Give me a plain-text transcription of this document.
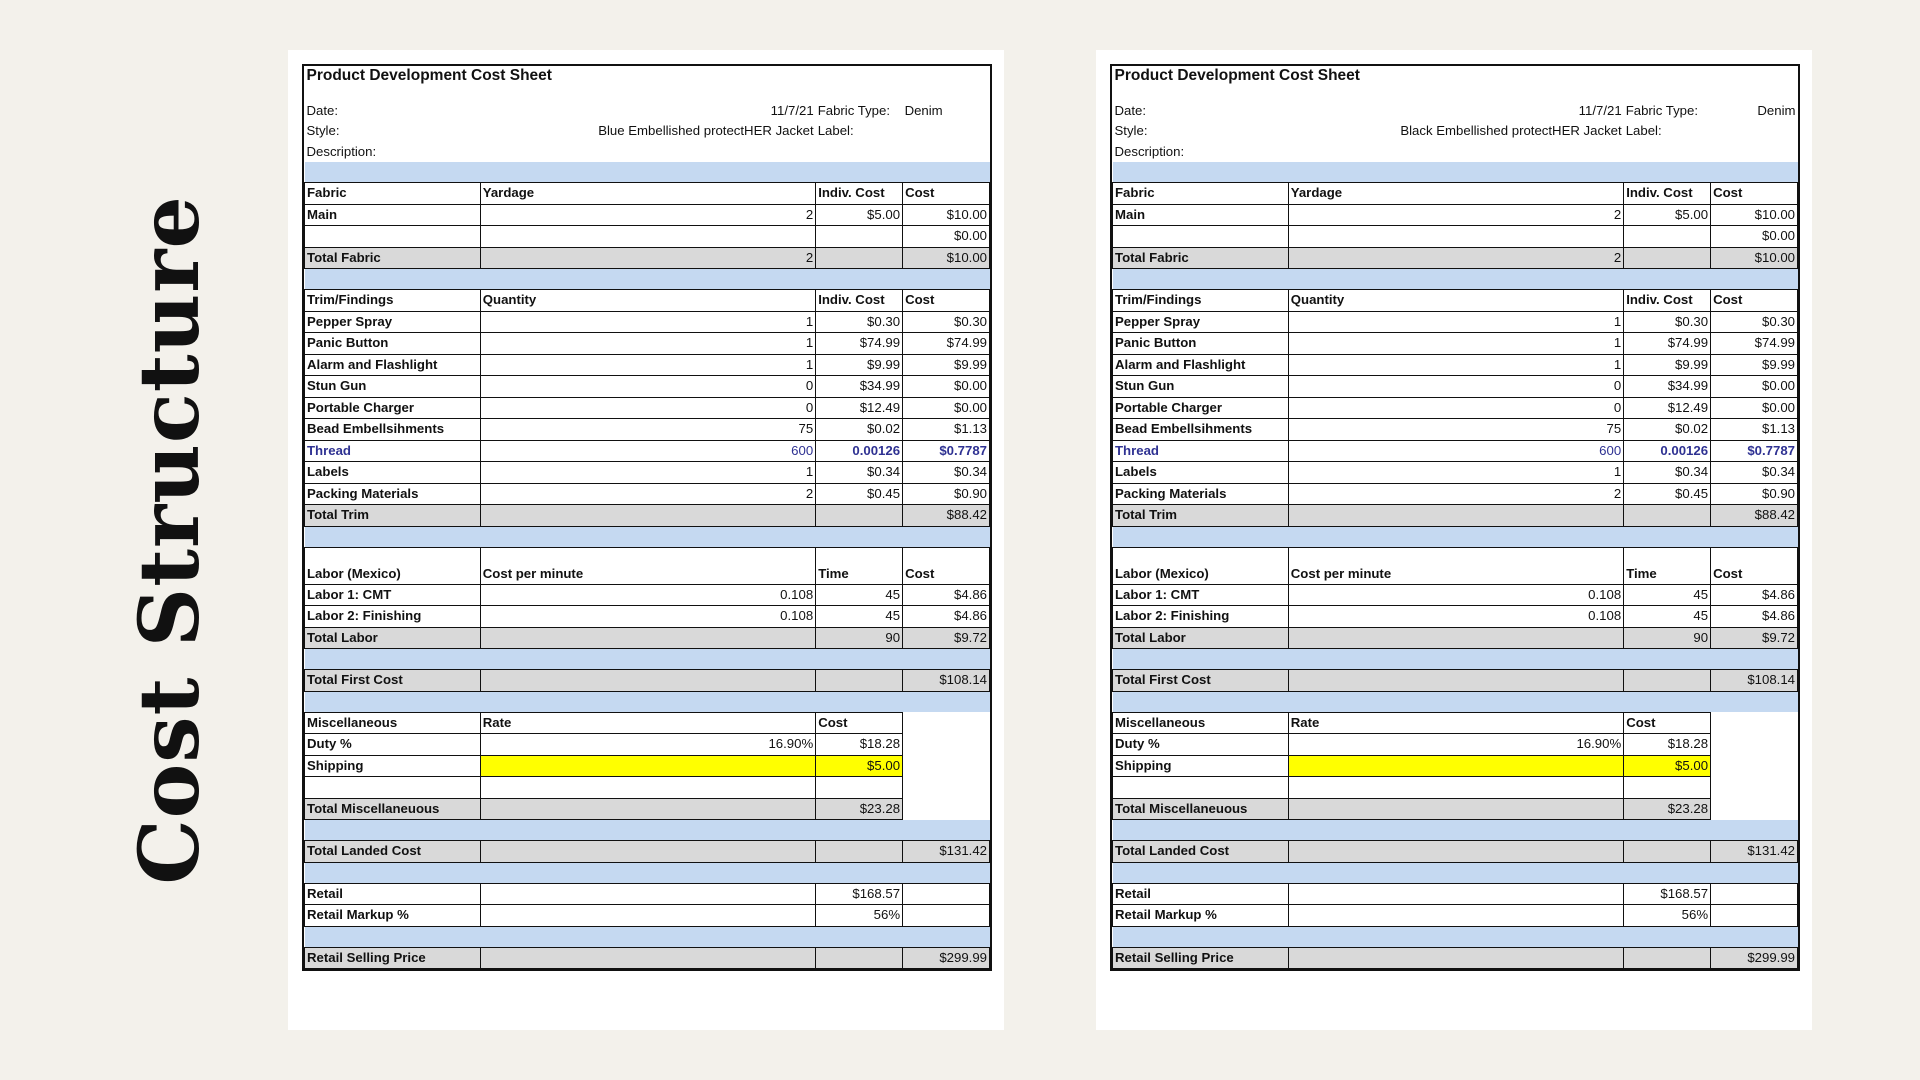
Cost Structure
Product Development Cost Sheet			

Date:	11/7/21	Fabric Type:	Denim
Style:	Blue Embellished protectHER Jacket	Label:	
Description:			

Fabric	Yardage	Indiv. Cost	Cost
Main	2	$5.00	$10.00
			$0.00
Total Fabric	2		$10.00

Trim/Findings	Quantity	Indiv. Cost	Cost
Pepper Spray	1	$0.30	$0.30
Panic Button	1	$74.99	$74.99
Alarm and Flashlight	1	$9.99	$9.99
Stun Gun	0	$34.99	$0.00
Portable Charger	0	$12.49	$0.00
Bead Embellsihments	75	$0.02	$1.13
Thread	600	0.00126	$0.7787
Labels	1	$0.34	$0.34
Packing Materials	2	$0.45	$0.90
Total Trim			$88.42

Labor (Mexico)	Cost per minute	Time	Cost
Labor 1: CMT	0.108	45	$4.86
Labor 2: Finishing	0.108	45	$4.86
Total Labor		90	$9.72

Total First Cost			$108.14

Miscellaneous	Rate	Cost	
Duty %	16.90%	$18.28	
Shipping		$5.00	

Total Miscellaneuous		$23.28	

Total Landed Cost			$131.42

Retail		$168.57	
Retail Markup %		56%	

Retail Selling Price			$299.99
Product Development Cost Sheet			

Date:	11/7/21	Fabric Type:	Denim
Style:	Black Embellished protectHER Jacket	Label:	
Description:			

Fabric	Yardage	Indiv. Cost	Cost
Main	2	$5.00	$10.00
			$0.00
Total Fabric	2		$10.00

Trim/Findings	Quantity	Indiv. Cost	Cost
Pepper Spray	1	$0.30	$0.30
Panic Button	1	$74.99	$74.99
Alarm and Flashlight	1	$9.99	$9.99
Stun Gun	0	$34.99	$0.00
Portable Charger	0	$12.49	$0.00
Bead Embellsihments	75	$0.02	$1.13
Thread	600	0.00126	$0.7787
Labels	1	$0.34	$0.34
Packing Materials	2	$0.45	$0.90
Total Trim			$88.42

Labor (Mexico)	Cost per minute	Time	Cost
Labor 1: CMT	0.108	45	$4.86
Labor 2: Finishing	0.108	45	$4.86
Total Labor		90	$9.72

Total First Cost			$108.14

Miscellaneous	Rate	Cost	
Duty %	16.90%	$18.28	
Shipping		$5.00	

Total Miscellaneuous		$23.28	

Total Landed Cost			$131.42

Retail		$168.57	
Retail Markup %		56%	

Retail Selling Price			$299.99
